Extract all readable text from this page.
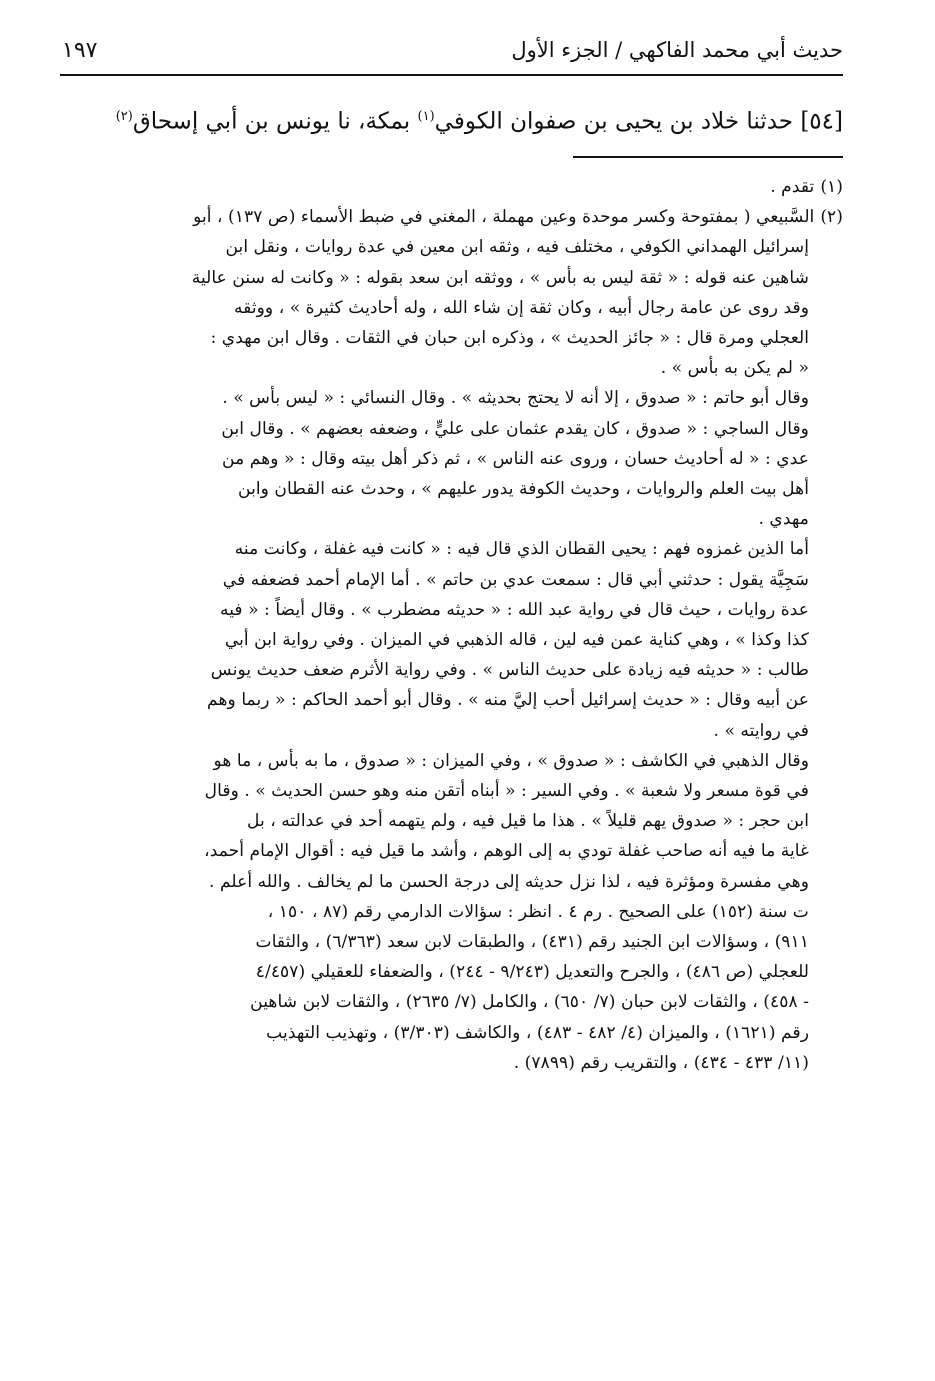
حديث أبي محمد الفاكهي / الجزء الأول
١٩٧
[٥٤] حدثنا خلاد بن يحيى بن صفوان الكوفي$^{(١)}$ بمكة، نا يونس بن أبي إسحاق$^{(٢)}$
(١)تقدم .
(٢)السَّبيعي ( بمفتوحة وكسر موحدة وعين مهملة ، المغني في ضبط الأسماء (ص ١٣٧) ، أبو
إسرائيل الهمداني الكوفي ، مختلف فيه ، وثقه ابن معين في عدة روايات ، ونقل ابن
شاهين عنه قوله : « ثقة ليس به بأس » ، ووثقه ابن سعد بقوله : « وكانت له سنن عالية
وقد روى عن عامة رجال أبيه ، وكان ثقة إن شاء الله ، وله أحاديث كثيرة » ، ووثقه
العجلي ومرة قال : « جائز الحديث » ، وذكره ابن حبان في الثقات . وقال ابن مهدي :
« لم يكن به بأس » .
وقال أبو حاتم : « صدوق ، إلا أنه لا يحتج بحديثه » . وقال النسائي : « ليس بأس » .
وقال الساجي : « صدوق ، كان يقدم عثمان على عليٍّ ، وضعفه بعضهم » . وقال ابن
عدي : « له أحاديث حسان ، وروى عنه الناس » ، ثم ذكر أهل بيته وقال : « وهم من
أهل بيت العلم والروايات ، وحديث الكوفة يدور عليهم » ، وحدث عنه القطان وابن
مهدي .
أما الذين غمزوه فهم : يحيى القطان الذي قال فيه : « كانت فيه غفلة ، وكانت منه
سَجِيَّة يقول : حدثني أبي قال : سمعت عدي بن حاتم » . أما الإمام أحمد فضعفه في
عدة روايات ، حيث قال في رواية عبد الله : « حديثه مضطرب » . وقال أيضاً : « فيه
كذا وكذا » ، وهي كناية عمن فيه لين ، قاله الذهبي في الميزان . وفي رواية ابن أبي
طالب : « حديثه فيه زيادة على حديث الناس » . وفي رواية الأثرم ضعف حديث يونس
عن أبيه وقال : « حديث إسرائيل أحب إليَّ منه » . وقال أبو أحمد الحاكم : « ربما وهم
في روايته » .
وقال الذهبي في الكاشف : « صدوق » ، وفي الميزان : « صدوق ، ما به بأس ، ما هو
في قوة مسعر ولا شعبة » . وفي السير : « أبناه أتقن منه وهو حسن الحديث » . وقال
ابن حجر : « صدوق يهم قليلاً » . هذا ما قيل فيه ، ولم يتهمه أحد في عدالته ، بل
غاية ما فيه أنه صاحب غفلة تودي به إلى الوهم ، وأشد ما قيل فيه : أقوال الإمام أحمد،
وهي مفسرة ومؤثرة فيه ، لذا نزل حديثه إلى درجة الحسن ما لم يخالف . والله أعلم .
ت سنة (١٥٢) على الصحيح . رم ٤ . انظر : سؤالات الدارمي رقم (٨٧ ، ١٥٠ ،
٩١١) ، وسؤالات ابن الجنيد رقم (٤٣١) ، والطبقات لابن سعد (٦/٣٦٣) ، والثقات
للعجلي (ص ٤٨٦) ، والجرح والتعديل (٩/٢٤٣ - ٢٤٤) ، والضعفاء للعقيلي (٤/٤٥٧
- ٤٥٨) ، والثقات لابن حبان (٧/ ٦٥٠) ، والكامل (٧/ ٢٦٣٥) ، والثقات لابن شاهين
رقم (١٦٢١) ، والميزان (٤/ ٤٨٢ - ٤٨٣) ، والكاشف (٣/٣٠٣) ، وتهذيب التهذيب
(١١/ ٤٣٣ - ٤٣٤) ، والتقريب رقم (٧٨٩٩) .
